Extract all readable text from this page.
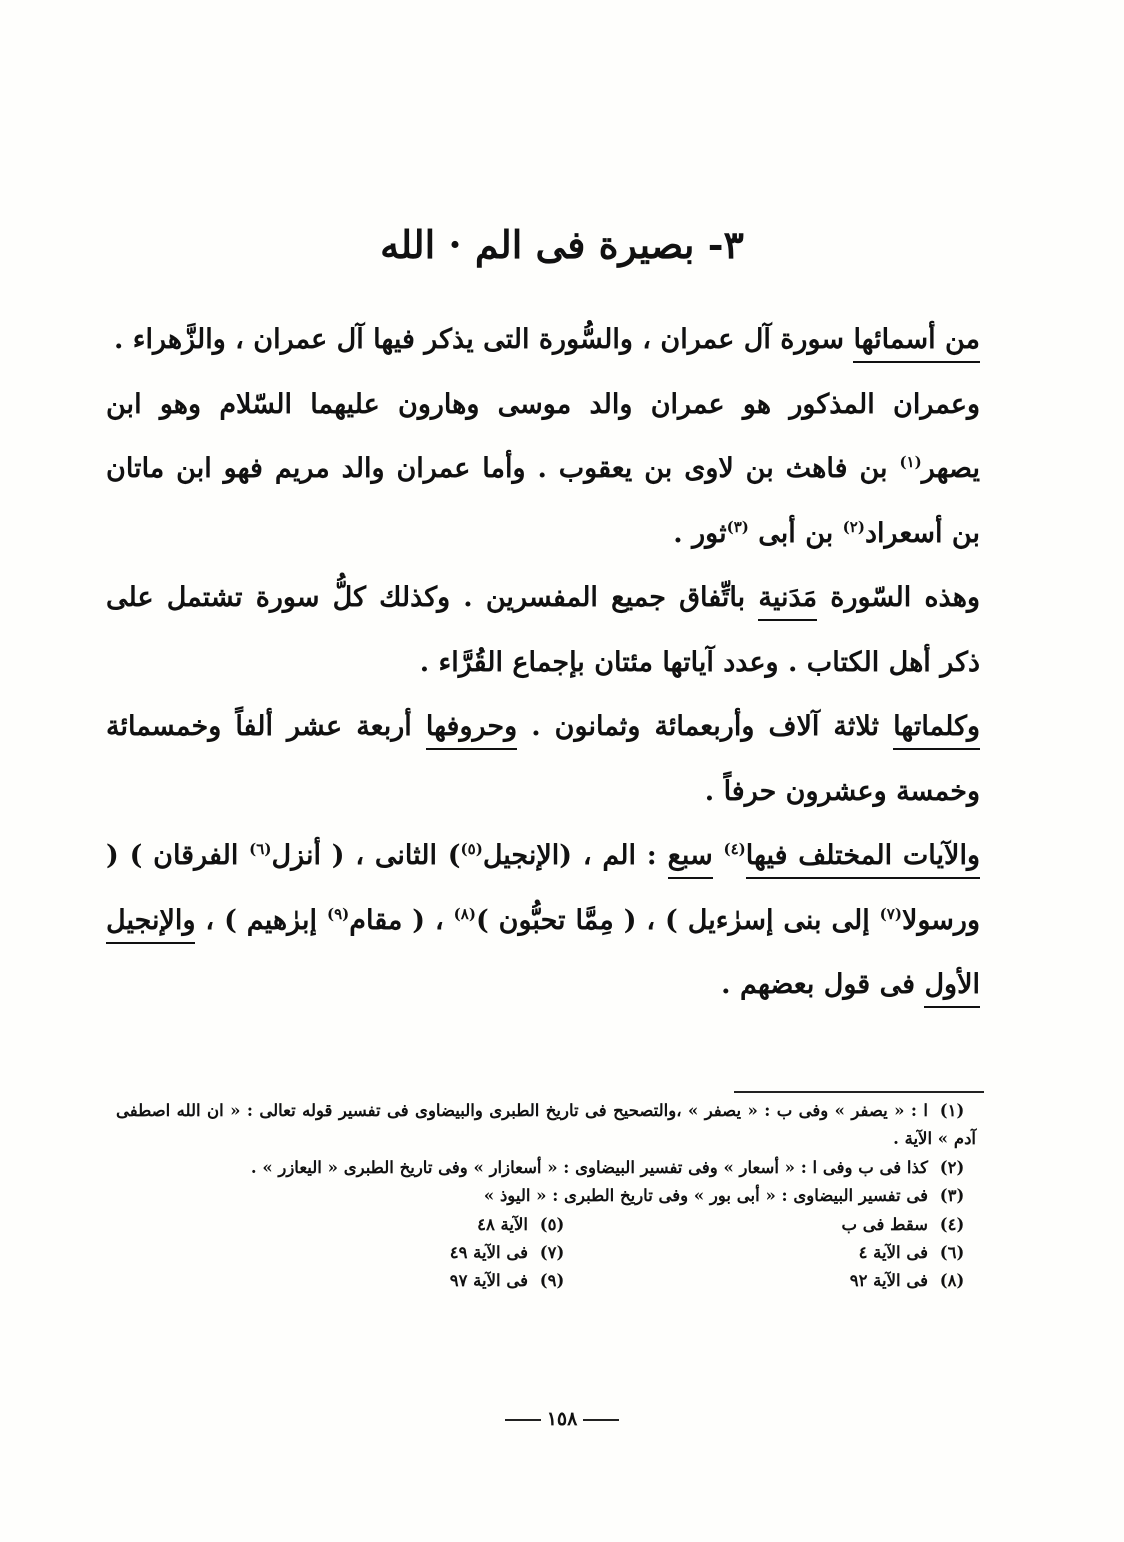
٣- بصيرة فى الم · الله

من أسمائها سورة آل عمران ، والسُّورة التى يذكر فيها آل عمران ، والزَّهراء .

وعمران المذكور هو عمران والد موسى وهارون عليهما السّلام وهو ابن يصهر$^{(١)}$ بن فاهث بن لاوى بن يعقوب . وأما عمران والد مريم فهو ابن ماتان بن أسعراد$^{(٢)}$ بن أبى $^{(٣)}$ثور .

وهذه السّورة مَدَنية باتِّفاق جميع المفسرين . وكذلك كلُّ سورة تشتمل على ذكر أهل الكتاب . وعدد آياتها مئتان بإجماع القُرَّاء .

وكلماتها ثلاثة آلاف وأربعمائة وثمانون . وحروفها أربعة عشر ألفاً وخمسمائة وخمسة وعشرون حرفاً .

والآيات المختلف فيها$^{(٤)}$ سبع : الم ، (الإنجيل$^{(٥)}$) الثانى ، ( أنزل$^{(٦)}$ الفرقان ) ( ورسولا$^{(٧)}$ إلى بنى إسرٰءيل ) ، ( مِمَّا تحبُّون )$^{(٨)}$ ، ( مقام$^{(٩)}$ إبرٰهيم ) ، والإنجيل الأول فى قول بعضهم .

(١)ا : « يصفر » وفى ب : « يصفر » ،والتصحيح فى تاريخ الطبرى والبيضاوى فى تفسير قوله تعالى : « ان الله اصطفى آدم » الآية .
(٢)كذا فى ب وفى ا : « أسعار » وفى تفسير البيضاوى : « أسعازار » وفى تاريخ الطبرى « اليعازر » .
(٣)فى تفسير البيضاوى : « أبى بور » وفى تاريخ الطبرى : « اليوذ »
(٤)
سقط فى ب
(٥)
الآية ٤٨
(٦)
فى الآية ٤
(٧)
فى الآية ٤٩
(٨)
فى الآية ٩٢
(٩)
فى الآية ٩٧
١٥٨
